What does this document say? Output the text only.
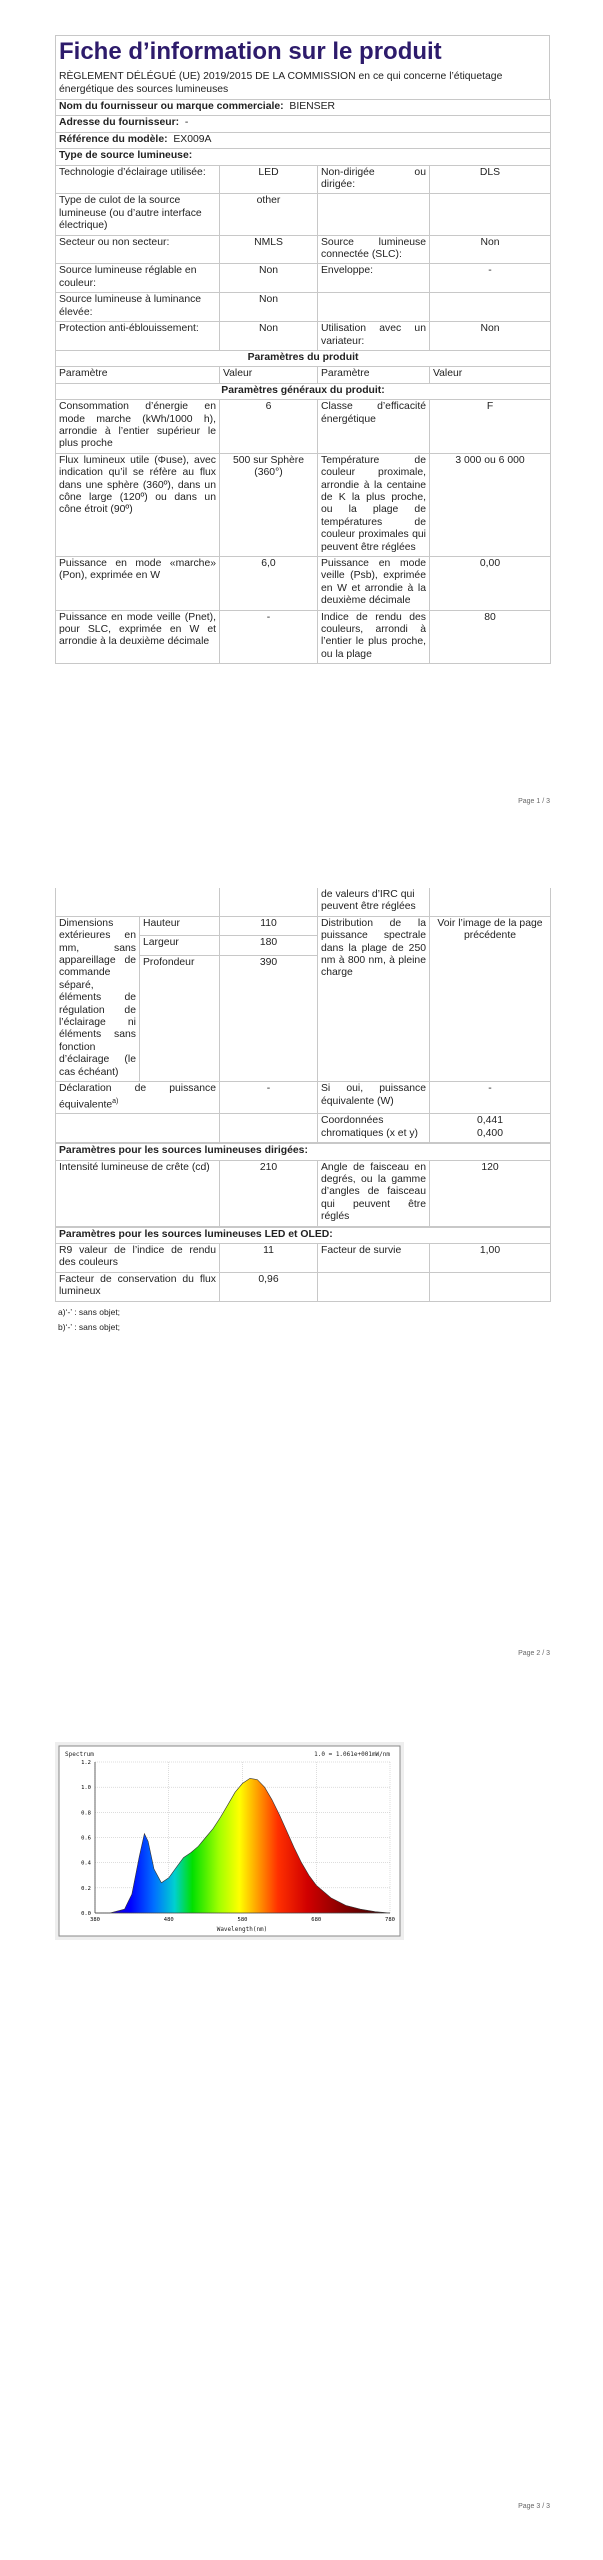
Fiche d’information sur le produit
RÈGLEMENT DÉLÉGUÉ (UE) 2019/2015 DE LA COMMISSION en ce qui concerne l’étiquetage énergétique des sources lumineuses
Nom du fournisseur ou marque commerciale: BIENSER			
Adresse du fournisseur: -			
Référence du modèle: EX009A			
Type de source lumineuse:			
Technologie d’éclairage utilisée:	LED	Non-dirigée ou dirigée:	DLS
Type de culot de la source lumineuse (ou d’autre interface électrique)	other		
Secteur ou non secteur:	NMLS	Source lumineuse connectée (SLC):	Non
Source lumineuse réglable en couleur:	Non	Enveloppe:	-
Source lumineuse à luminance élevée:	Non		
Protection anti-éblouissement:	Non	Utilisation avec un variateur:	Non
Paramètres du produit			
Paramètre	Valeur	Paramètre	Valeur
Paramètres généraux du produit:			
Consommation d’énergie en mode marche (kWh/1000 h), arrondie à l’entier supérieur le plus proche	6	Classe d’efficacité énergétique	F
Flux lumineux utile (Φuse), avec indication qu’il se réfère au flux dans une sphère (360º), dans un cône large (120º) ou dans un cône étroit (90º)	500 sur Sphère (360°)	Température de couleur proximale, arrondie à la centaine de K la plus proche, ou la plage de températures de couleur proximales qui peuvent être réglées	3 000 ou 6 000
Puissance en mode «marche» (Pon), exprimée en W	6,0	Puissance en mode veille (Psb), exprimée en W et arrondie à la deuxième décimale	0,00
Puissance en mode veille (Pnet), pour SLC, exprimée en W et arrondie à la deuxième décimale	-	Indice de rendu des couleurs, arrondi à l’entier le plus proche, ou la plage	80
Page 1 / 3
			de valeurs d’IRC qui peuvent être réglées	
Dimensions extérieures en mm, sans appareillage de commande séparé, éléments de régulation de l’éclairage ni éléments sans fonction d’éclairage (le cas échéant)	Hauteur	110	Distribution de la puissance spectrale dans la plage de 250 nm à 800 nm, à pleine charge	Voir l’image de la page précédente
	Largeur	180		
	Profondeur	390		
Déclaration de puissance équivalente$^{a)}$		-	Si oui, puissance équivalente (W)	-
			Coordonnées chromatiques (x et y)	0,441
0,400

Paramètres pour les sources lumineuses dirigées:				
Intensité lumineuse de crête (cd)		210	Angle de faisceau en degrés, ou la gamme d’angles de faisceau qui peuvent être réglés	120
Paramètres pour les sources lumineuses LED et OLED:				
R9 valeur de l’indice de rendu des couleurs		11	Facteur de survie	1,00
Facteur de conservation du flux lumineux		0,96		
a)‘-’ : sans objet;
b)‘-’ : sans objet;
Page 2 / 3
0.0
0.2
0.4
0.6
0.8
1.0
1.2
380	480	580	680	780
Spectrum	1.0 = 1.061e+001mW/nm
Wavelength(nm)
Page 3 / 3
